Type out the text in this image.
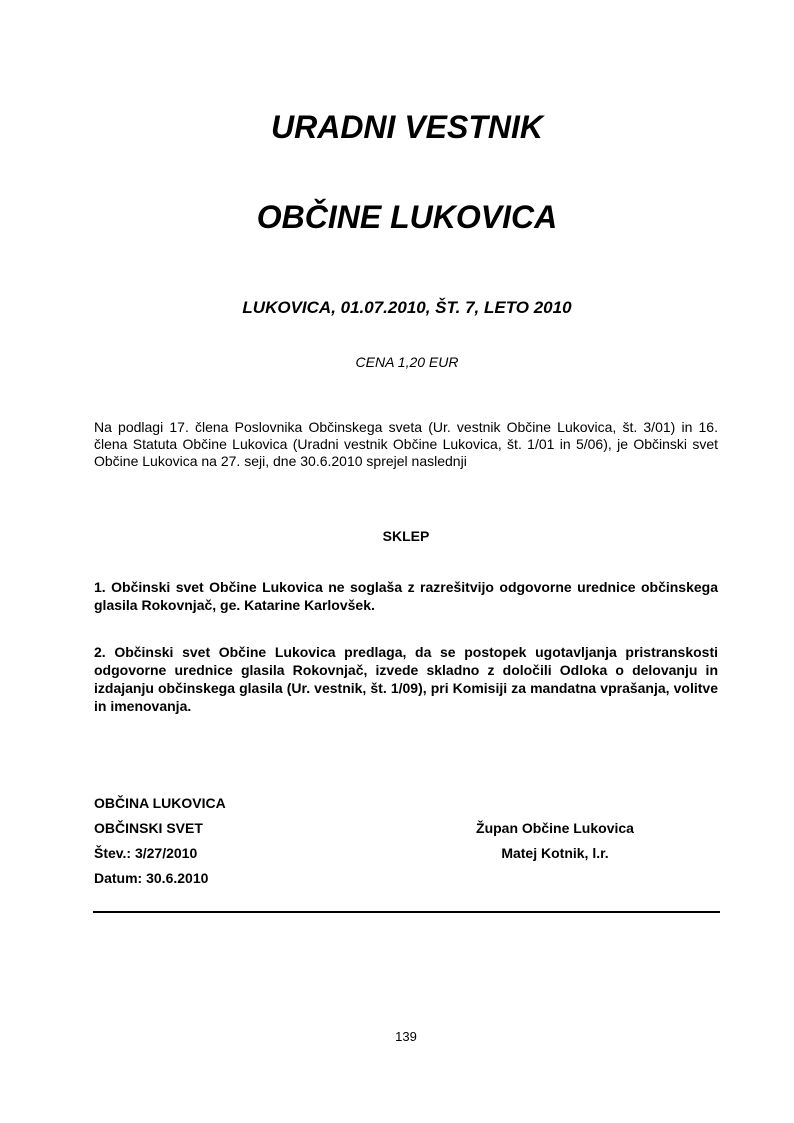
URADNI VESTNIK
OBČINE LUKOVICA
LUKOVICA, 01.07.2010, ŠT. 7, LETO 2010
CENA 1,20 EUR

Na podlagi 17. člena Poslovnika Občinskega sveta (Ur. vestnik Občine Lukovica, št. 3/01) in 16. člena Statuta Občine Lukovica (Uradni vestnik Občine Lukovica, št. 1/01 in 5/06), je Občinski svet Občine Lukovica na 27. seji, dne 30.6.2010 sprejel naslednji

SKLEP

1. Občinski svet Občine Lukovica ne soglaša z razrešitvijo odgovorne urednice občinskega glasila Rokovnjač, ge. Katarine Karlovšek.

2. Občinski svet Občine Lukovica predlaga, da se postopek ugotavljanja pristranskosti odgovorne urednice glasila Rokovnjač, izvede skladno z določili Odloka o delovanju in izdajanju občinskega glasila (Ur. vestnik, št. 1/09), pri Komisiji za mandatna vprašanja, volitve in imenovanja.

OBČINA LUKOVICA
OBČINSKI SVET
Štev.: 3/27/2010
Datum: 30.6.2010
Župan Občine Lukovica
Matej Kotnik, l.r.
139
